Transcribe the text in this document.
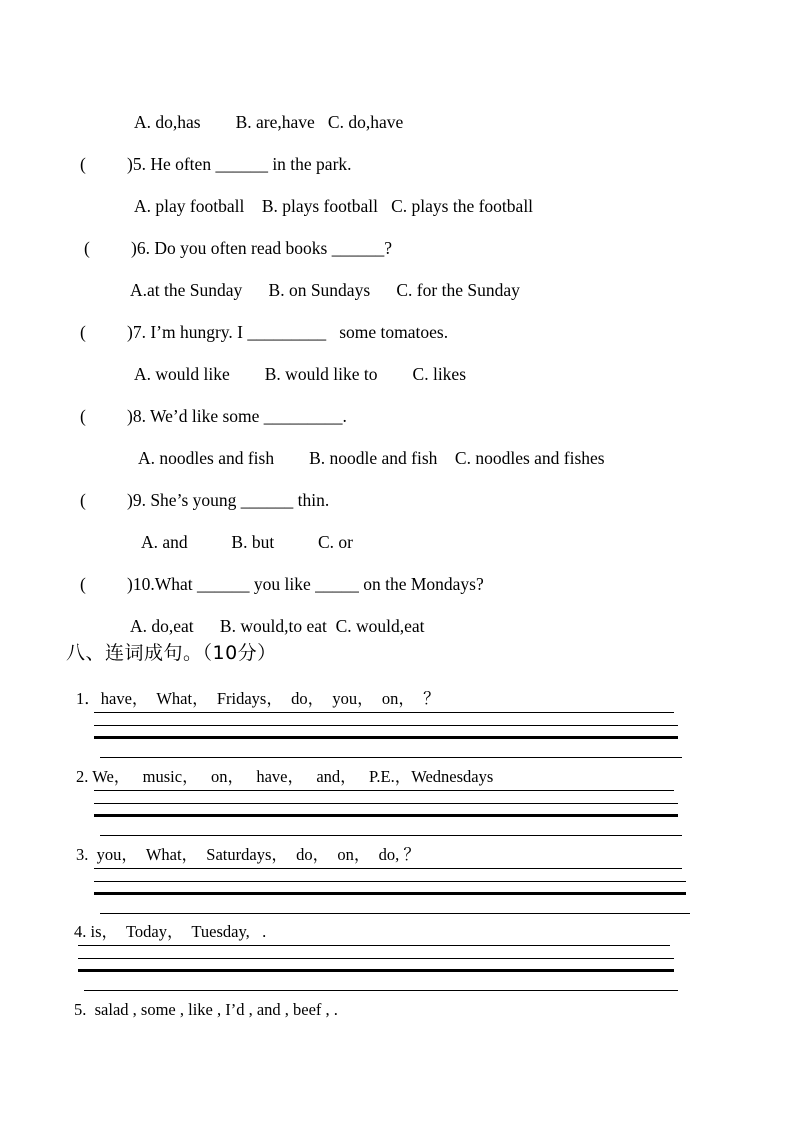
A. do,has        B. are,have   C. do,have
( )5. He often ______ in the park.
A. play football    B. plays football   C. plays the football
( )6. Do you often read books ______?
A.at the Sunday      B. on Sundays      C. for the Sunday
( )7. I’m hungry. I _________   some tomatoes.
A. would like        B. would like to        C. likes
( )8. We’d like some _________.
A. noodles and fish        B. noodle and fish    C. noodles and fishes
( )9. She’s young ______ thin.
A. and          B. but          C. or
( )10.What ______ you like _____ on the Mondays?
A. do,eat      B. would,to eat  C. would,eat
八、连词成句。（10分）
1．have，  What，  Fridays，  do，  you，  on，  ？
2. We，   music，   on，   have，   and，   P.E.，Wednesdays
3.  you，  What，  Saturdays，  do，  on，  do, ？
4. is，  Today，  Tuesday,   .
5.  salad , some , like , I’d , and , beef , .
